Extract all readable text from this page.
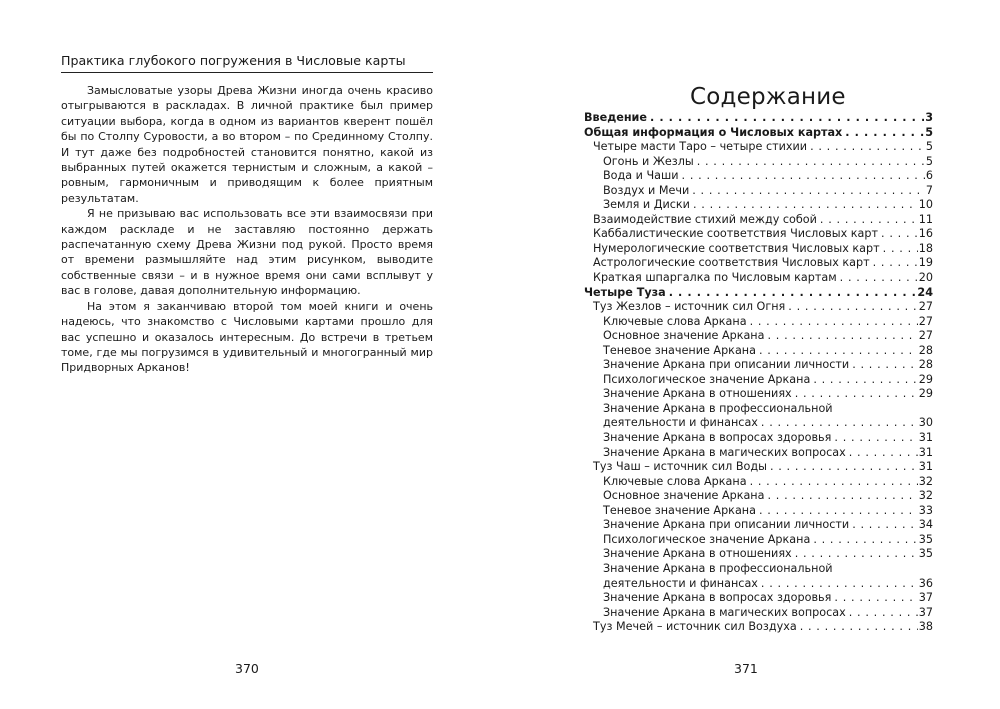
Практика глубокого погружения в Числовые карты

Замысловатые узоры Древа Жизни иногда очень красиво отыгрываются в раскладах. В личной практике был пример ситуации выбора, когда в одном из вариантов кверент пошёл бы по Столпу Суровости, а во втором – по Срединному Столпу. И тут даже без подробностей становится понятно, какой из выбранных путей окажется тернистым и сложным, а какой – ровным, гармоничным и приводящим к более приятным результатам.

Я не призываю вас использовать все эти взаимосвязи при каждом раскладе и не заставляю постоянно держать распечатанную схему Древа Жизни под рукой. Просто время от времени размышляйте над этим рисунком, выводите собственные связи – и в нужное время они сами всплывут у вас в голове, давая дополнительную информацию.

На этом я заканчиваю второй том моей книги и очень надеюсь, что знакомство с Числовыми картами прошло для вас успешно и оказалось интересным. До встречи в третьем томе, где мы погрузимся в удивительный и многогранный мир Придворных Арканов!

370
Содержание
Введение . . .	3
Общая информация о Числовых картах . . .	5
Четыре масти Таро – четыре стихии . . .	5
Огонь и Жезлы . . .	5
Вода и Чаши . . .	6
Воздух и Мечи . . .	7
Земля и Диски . . .	10
Взаимодействие стихий между собой . . .	11
Каббалистические соответствия Числовых карт . . .	16
Нумерологические соответствия Числовых карт . . .	18
Астрологические соответствия Числовых карт . . .	19
Краткая шпаргалка по Числовым картам . . .	20
Четыре Туза . . .	24
Туз Жезлов – источник сил Огня . . .	27
Ключевые слова Аркана . . .	27
Основное значение Аркана . . .	27
Теневое значение Аркана . . .	28
Значение Аркана при описании личности . . .	28
Психологическое значение Аркана . . .	29
Значение Аркана в отношениях . . .	29
Значение Аркана в профессиональной
деятельности и финансах . . .	30
Значение Аркана в вопросах здоровья . . .	31
Значение Аркана в магических вопросах . . .	31
Туз Чаш – источник сил Воды . . .	31
Ключевые слова Аркана . . .	32
Основное значение Аркана . . .	32
Теневое значение Аркана . . .	33
Значение Аркана при описании личности . . .	34
Психологическое значение Аркана . . .	35
Значение Аркана в отношениях . . .	35
Значение Аркана в профессиональной
деятельности и финансах . . .	36
Значение Аркана в вопросах здоровья . . .	37
Значение Аркана в магических вопросах . . .	37
Туз Мечей – источник сил Воздуха . . .	38
371
